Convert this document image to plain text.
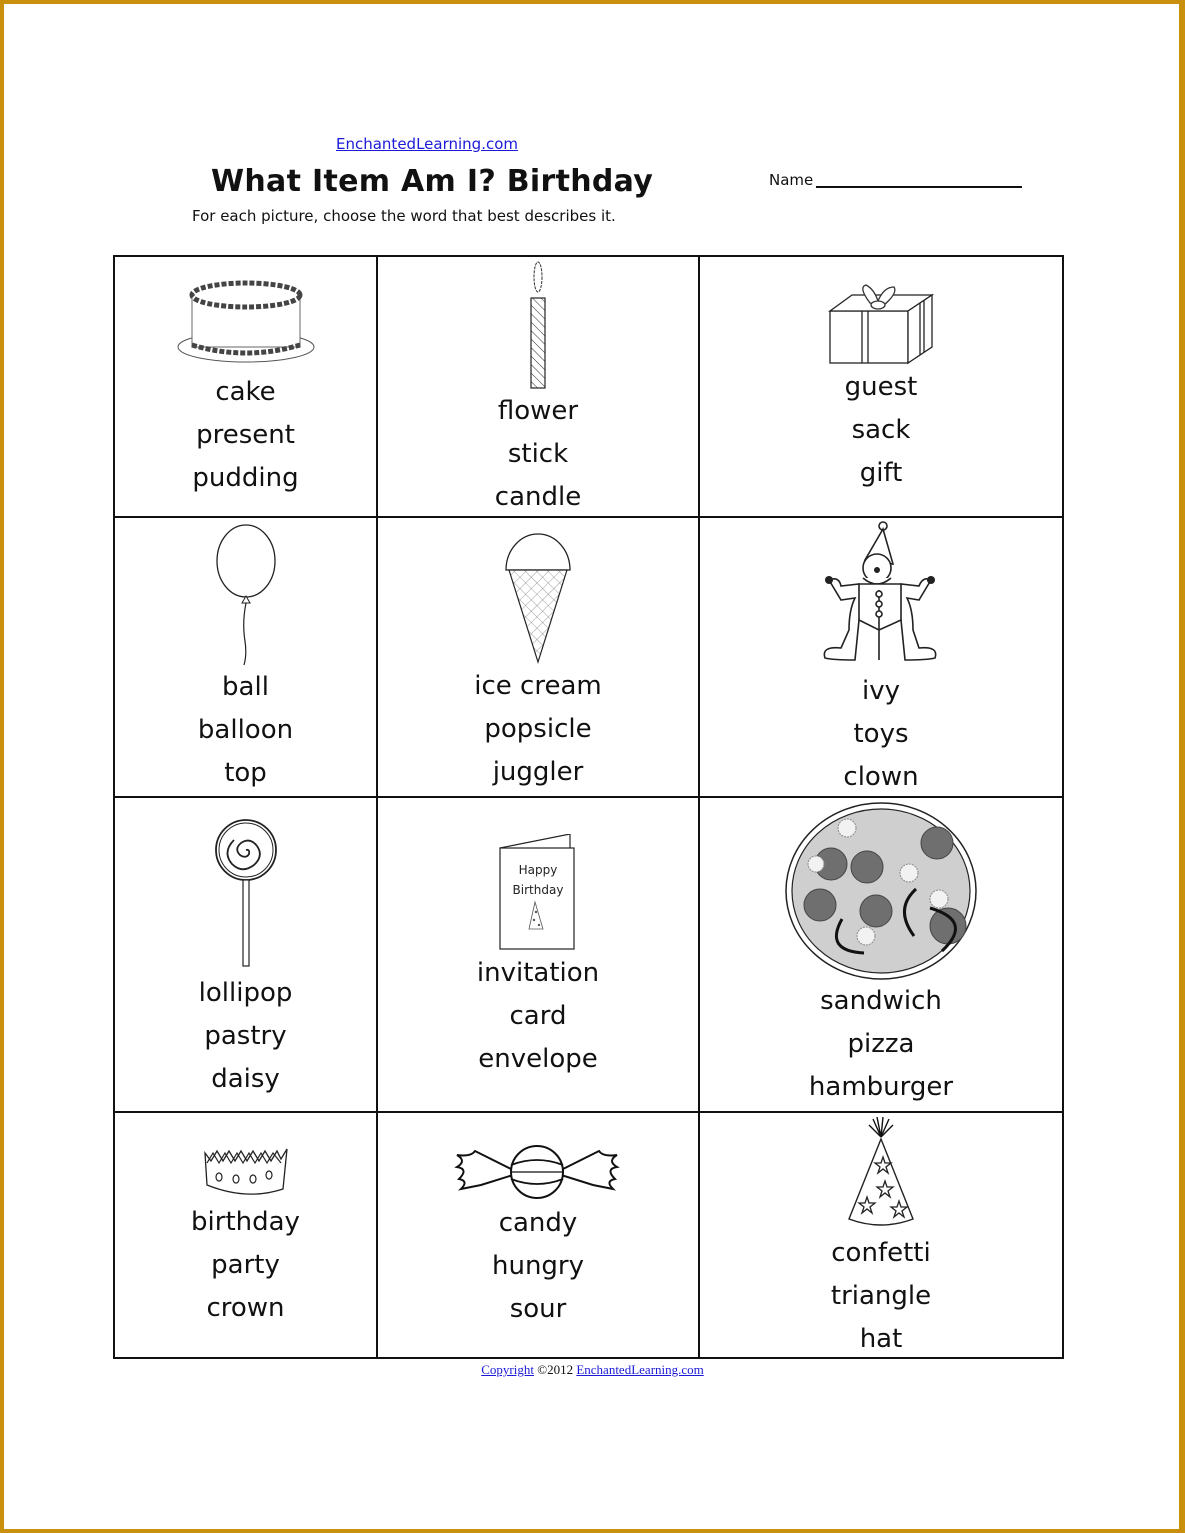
EnchantedLearning.com
What Item Am I? Birthday
For each picture, choose the word that best describes it.
Name
cake
present
pudding

flower
stick
candle

guest
sack
gift

ball
balloon
top

ice cream
popsicle
juggler

ivy
toys
clown

lollipop
pastry
daisy

Happy
Birthday
invitation
card
envelope

sandwich
pizza
hamburger

birthday
party
crown

candy
hungry
sour

confetti
triangle
hat
Copyright ©2012 EnchantedLearning.com
